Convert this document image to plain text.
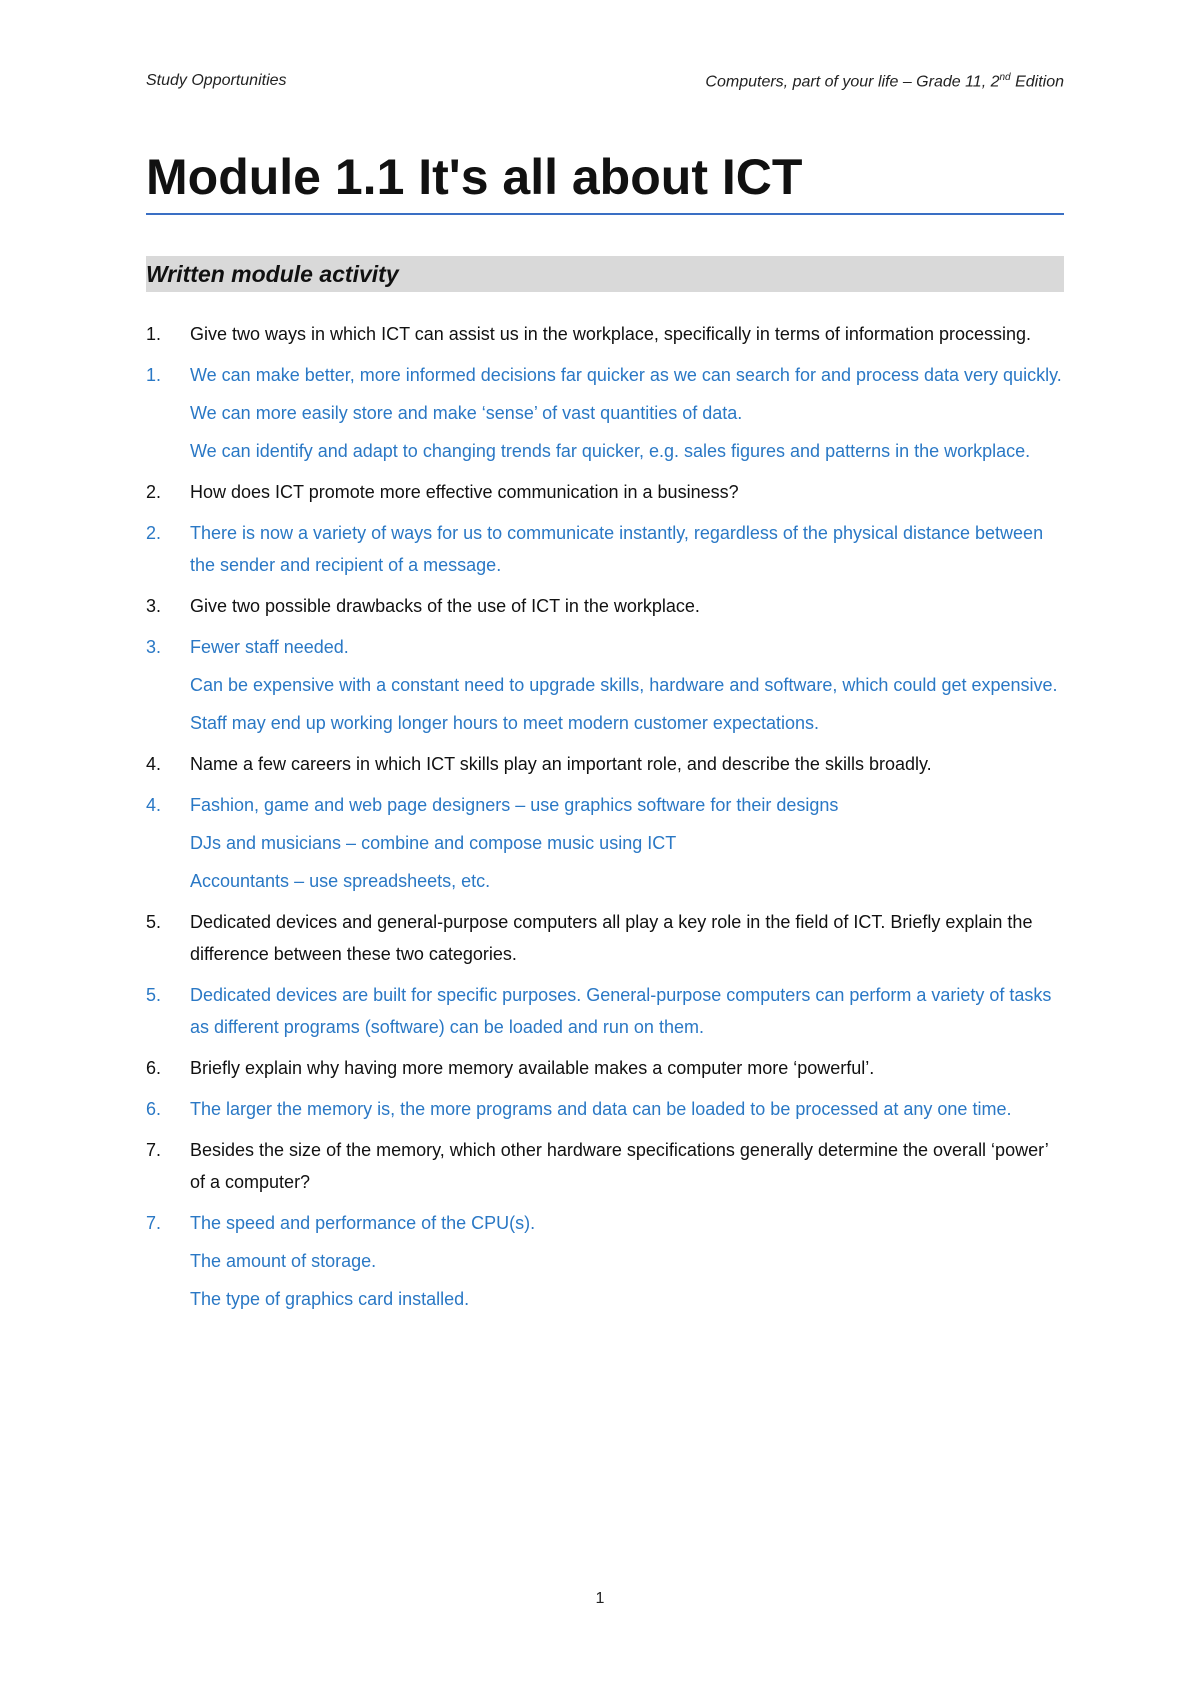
Study Opportunities	Computers, part of your life – Grade 11, 2nd Edition
Module 1.1 It's all about ICT
Written module activity
1. Give two ways in which ICT can assist us in the workplace, specifically in terms of information processing.
1. We can make better, more informed decisions far quicker as we can search for and process data very quickly.
We can more easily store and make ‘sense’ of vast quantities of data.
We can identify and adapt to changing trends far quicker, e.g. sales figures and patterns in the workplace.
2. How does ICT promote more effective communication in a business?
2. There is now a variety of ways for us to communicate instantly, regardless of the physical distance between the sender and recipient of a message.
3. Give two possible drawbacks of the use of ICT in the workplace.
3. Fewer staff needed.
Can be expensive with a constant need to upgrade skills, hardware and software, which could get expensive.
Staff may end up working longer hours to meet modern customer expectations.
4. Name a few careers in which ICT skills play an important role, and describe the skills broadly.
4. Fashion, game and web page designers – use graphics software for their designs
DJs and musicians – combine and compose music using ICT
Accountants – use spreadsheets, etc.
5. Dedicated devices and general-purpose computers all play a key role in the field of ICT. Briefly explain the difference between these two categories.
5. Dedicated devices are built for specific purposes. General-purpose computers can perform a variety of tasks as different programs (software) can be loaded and run on them.
6. Briefly explain why having more memory available makes a computer more ‘powerful’.
6. The larger the memory is, the more programs and data can be loaded to be processed at any one time.
7. Besides the size of the memory, which other hardware specifications generally determine the overall ‘power’ of a computer?
7. The speed and performance of the CPU(s).
The amount of storage.
The type of graphics card installed.
1
